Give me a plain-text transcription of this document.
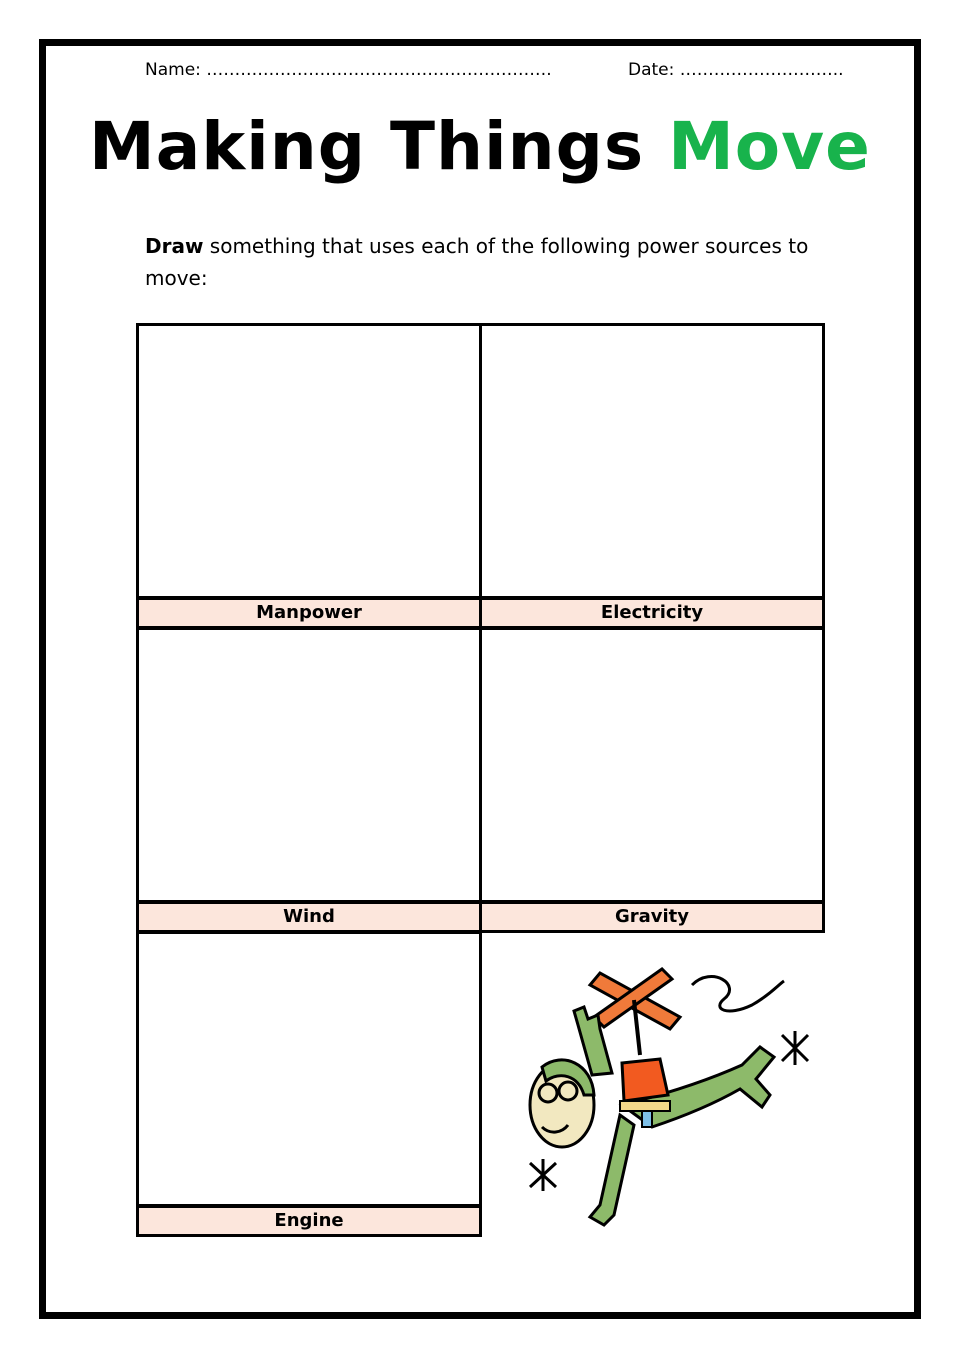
Name: …………………………………………………….	Date: ………………………..
Making Things Move
Draw something that uses each of the following power sources to move:
Manpower	Electricity
Wind	Gravity
Engine
